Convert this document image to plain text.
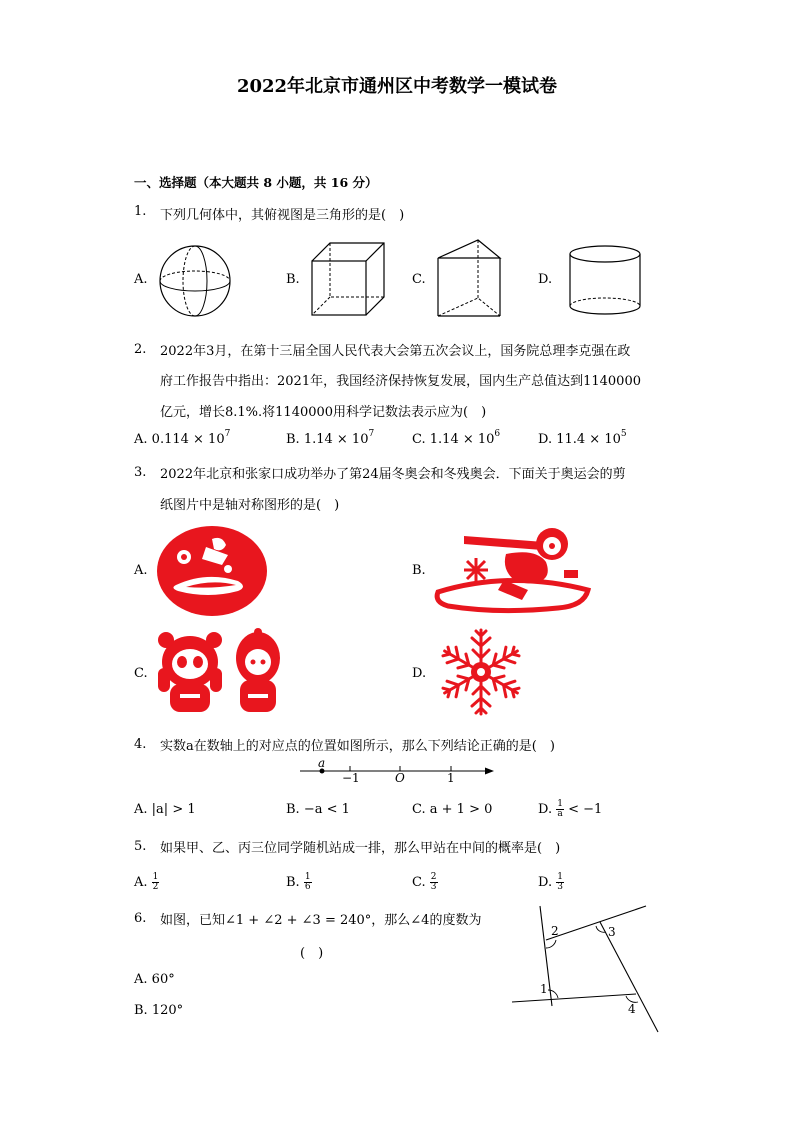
2022年北京市通州区中考数学一模试卷
一、选择题（本大题共 8 小题，共 16 分）
1. 下列几何体中，其俯视图是三角形的是(　)
A.	B.	C.	D.
2. 2022年3月，在第十三届全国人民代表大会第五次会议上，国务院总理李克强在政
府工作报告中指出：2021年，我国经济保持恢复发展，国内生产总值达到1140000
亿元，增长8.1%.将1140000用科学记数法表示应为(　)
A. $0.114 \times 10^7$	B. $1.14 \times 10^7$	C. $1.14 \times 10^6$	D. $11.4 \times 10^5$
3. 2022年北京和张家口成功举办了第24届冬奥会和冬残奥会．下面关于奥运会的剪
纸图片中是轴对称图形的是(　)
A.	B.
C.	D.
4. 实数a在数轴上的对应点的位置如图所示，那么下列结论正确的是(　)
a
−1	O	1
A. |a| > 1	B. −a < 1	C. a + 1 > 0	D. $\frac{1}{a} < -1$
5. 如果甲、乙、丙三位同学随机站成一排，那么甲站在中间的概率是(　)
A. $\frac{1}{2}$	B. $\frac{1}{6}$	C. $\frac{2}{3}$	D. $\frac{1}{3}$
6. 如图，已知∠1 + ∠2 + ∠3 = 240°，那么∠4的度数为
(　)
A. 60°
B. 120°
1
2	3
4
